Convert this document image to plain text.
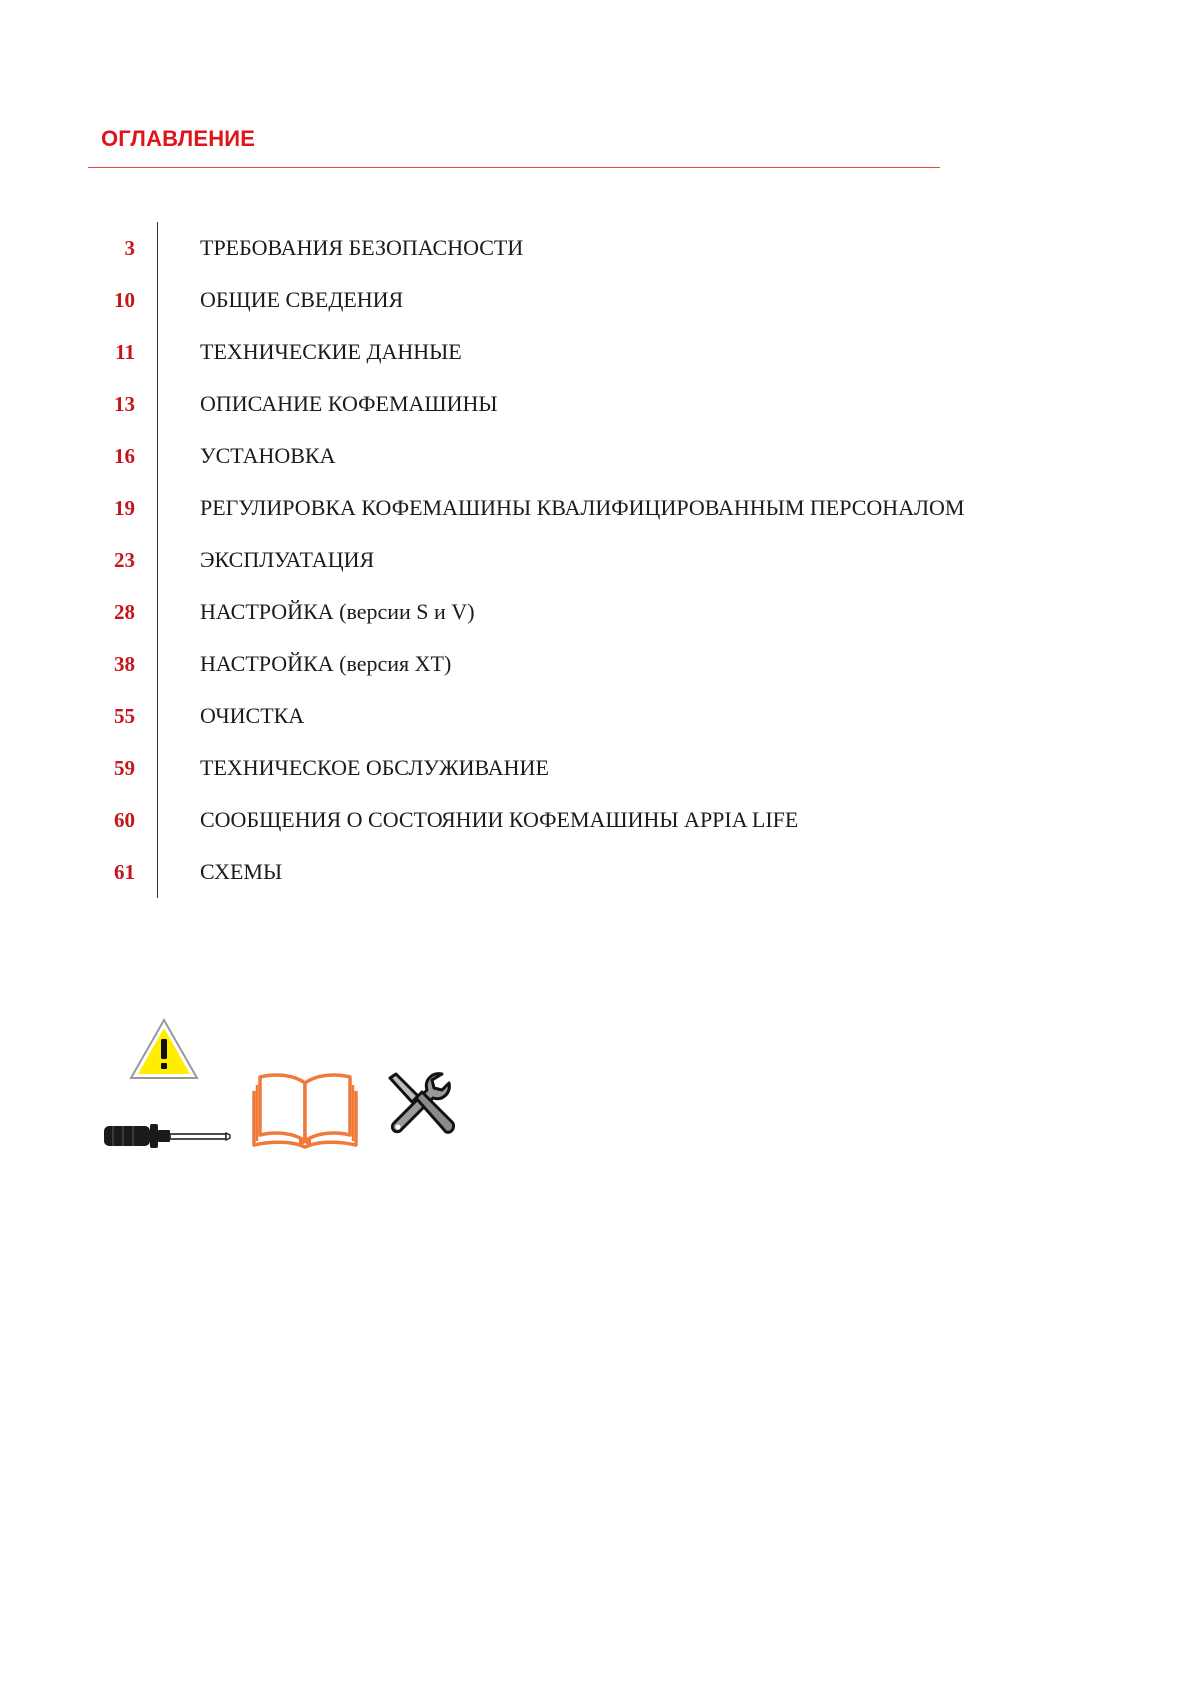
ОГЛАВЛЕНИЕ
3	ТРЕБОВАНИЯ БЕЗОПАСНОСТИ
10	ОБЩИЕ СВЕДЕНИЯ
11	ТЕХНИЧЕСКИЕ ДАННЫЕ
13	ОПИСАНИЕ КОФЕМАШИНЫ
16	УСТАНОВКА
19	РЕГУЛИРОВКА КОФЕМАШИНЫ КВАЛИФИЦИРОВАННЫМ ПЕРСОНАЛОМ
23	ЭКСПЛУАТАЦИЯ
28	НАСТРОЙКА (версии S и V)
38	НАСТРОЙКА (версия XT)
55	ОЧИСТКА
59	ТЕХНИЧЕСКОЕ ОБСЛУЖИВАНИЕ
60	СООБЩЕНИЯ О СОСТОЯНИИ КОФЕМАШИНЫ APPIA LIFE
61	СХЕМЫ
